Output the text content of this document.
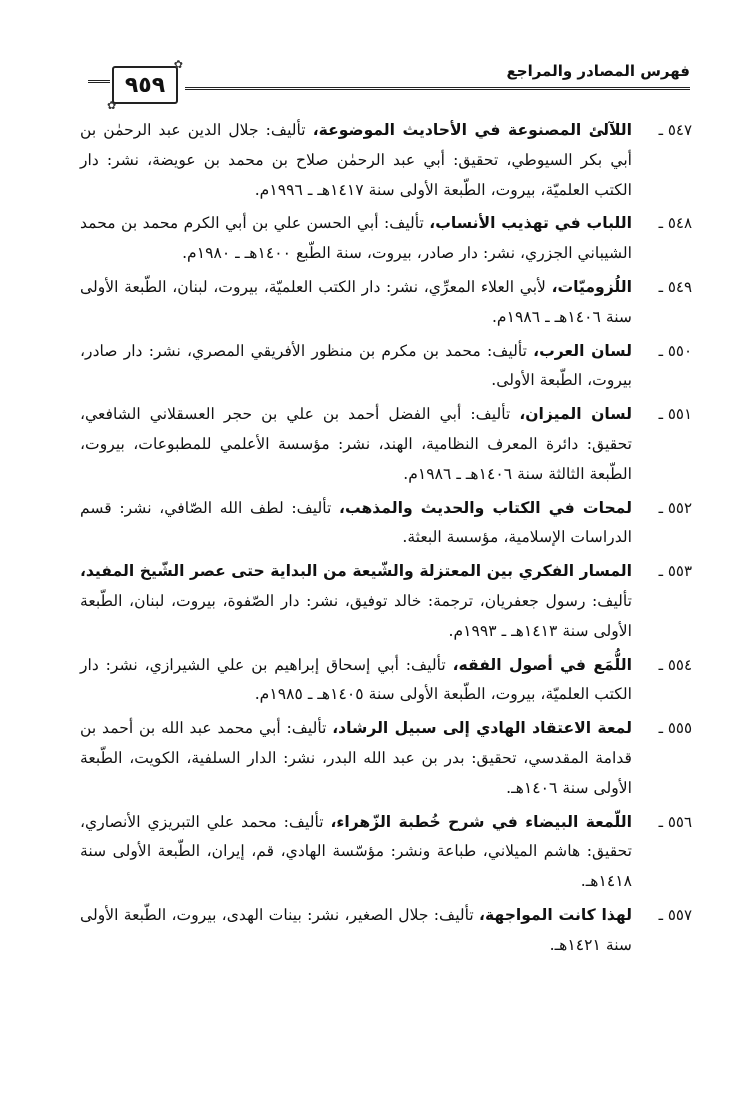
فهرس المصادر والمراجع
✿
٩٥٩
✿
٥٤٧ ـ
اللآلئ المصنوعة في الأحاديث الموضوعة، تأليف: جلال الدين عبد الرحمٰن بن أبي بكر السيوطي، تحقيق: أبي عبد الرحمٰن صلاح بن محمد بن عويضة، نشر: دار الكتب العلميّة، بيروت، الطّبعة الأولى سنة ١٤١٧هـ ـ ١٩٩٦م.
٥٤٨ ـ
اللباب في تهذيب الأنساب، تأليف: أبي الحسن علي بن أبي الكرم محمد بن محمد الشيباني الجزري، نشر: دار صادر، بيروت، سنة الطّبع ١٤٠٠هـ ـ ١٩٨٠م.
٥٤٩ ـ
اللُزوميّات، لأبي العلاء المعرِّي، نشر: دار الكتب العلميّة، بيروت، لبنان، الطّبعة الأولى سنة ١٤٠٦هـ ـ ١٩٨٦م.
٥٥٠ ـ
لسان العرب، تأليف: محمد بن مكرم بن منظور الأفريقي المصري، نشر: دار صادر، بيروت، الطّبعة الأولى.
٥٥١ ـ
لسان الميزان، تأليف: أبي الفضل أحمد بن علي بن حجر العسقلاني الشافعي، تحقيق: دائرة المعرف النظامية، الهند، نشر: مؤسسة الأعلمي للمطبوعات، بيروت، الطّبعة الثالثة سنة ١٤٠٦هـ ـ ١٩٨٦م.
٥٥٢ ـ
لمحات في الكتاب والحديث والمذهب، تأليف: لطف الله الصّافي، نشر: قسم الدراسات الإسلامية، مؤسسة البعثة.
٥٥٣ ـ
المسار الفكري بين المعتزلة والشّيعة من البداية حتى عصر الشّيخ المفيد، تأليف: رسول جعفريان، ترجمة: خالد توفيق، نشر: دار الصّفوة، بيروت، لبنان، الطّبعة الأولى سنة ١٤١٣هـ ـ ١٩٩٣م.
٥٥٤ ـ
اللُّمَع في أصول الفقه، تأليف: أبي إسحاق إبراهيم بن علي الشيرازي، نشر: دار الكتب العلميّة، بيروت، الطّبعة الأولى سنة ١٤٠٥هـ ـ ١٩٨٥م.
٥٥٥ ـ
لمعة الاعتقاد الهادي إلى سبيل الرشاد، تأليف: أبي محمد عبد الله بن أحمد بن قدامة المقدسي، تحقيق: بدر بن عبد الله البدر، نشر: الدار السلفية، الكويت، الطّبعة الأولى سنة ١٤٠٦هـ.
٥٥٦ ـ
اللّمعة البيضاء في شرح خُطبة الزّهراء، تأليف: محمد علي التبريزي الأنصاري، تحقيق: هاشم الميلاني، طباعة ونشر: مؤسّسة الهادي، قم، إيران، الطّبعة الأولى سنة ١٤١٨هـ.
٥٥٧ ـ
لهذا كانت المواجهة، تأليف: جلال الصغير، نشر: بينات الهدى، بيروت، الطّبعة الأولى سنة ١٤٢١هـ.
